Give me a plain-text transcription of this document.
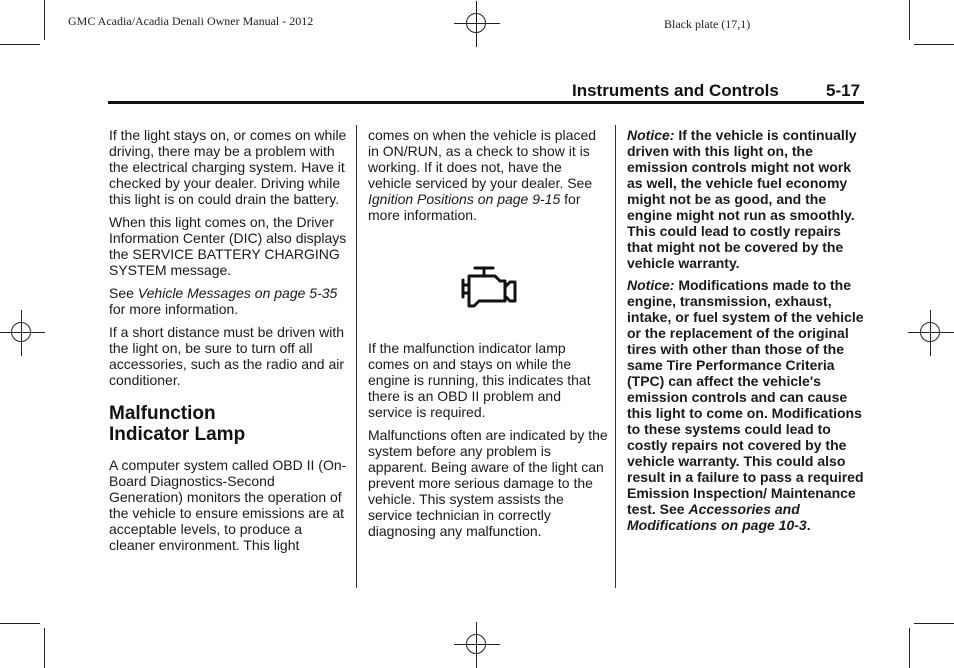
GMC Acadia/Acadia Denali Owner Manual - 2012	Black plate (17,1)
Instruments and Controls	5-17

If the light stays on, or comes on while driving, there may be a problem with the electrical charging system. Have it checked by your dealer. Driving while this light is on could drain the battery.

When this light comes on, the Driver Information Center (DIC) also displays the SERVICE BATTERY CHARGING SYSTEM message.

See Vehicle Messages on page 5-35 for more information.

If a short distance must be driven with the light on, be sure to turn off all accessories, such as the radio and air conditioner.

Malfunction
Indicator Lamp

A computer system called OBD II (On-Board Diagnostics-Second Generation) monitors the operation of the vehicle to ensure emissions are at acceptable levels, to produce a cleaner environment. This light

comes on when the vehicle is placed in ON/RUN, as a check to show it is working. If it does not, have the vehicle serviced by your dealer. See Ignition Positions on page 9-15 for more information.

If the malfunction indicator lamp comes on and stays on while the engine is running, this indicates that there is an OBD II problem and service is required.

Malfunctions often are indicated by the system before any problem is apparent. Being aware of the light can prevent more serious damage to the vehicle. This system assists the service technician in correctly diagnosing any malfunction.

Notice: If the vehicle is continually driven with this light on, the emission controls might not work as well, the vehicle fuel economy might not be as good, and the engine might not run as smoothly. This could lead to costly repairs that might not be covered by the vehicle warranty.

Notice: Modifications made to the engine, transmission, exhaust, intake, or fuel system of the vehicle or the replacement of the original tires with other than those of the same Tire Performance Criteria (TPC) can affect the vehicle's emission controls and can cause this light to come on. Modifications to these systems could lead to costly repairs not covered by the vehicle warranty. This could also result in a failure to pass a required Emission Inspection/ Maintenance test. See Accessories and Modifications on page 10-3.
